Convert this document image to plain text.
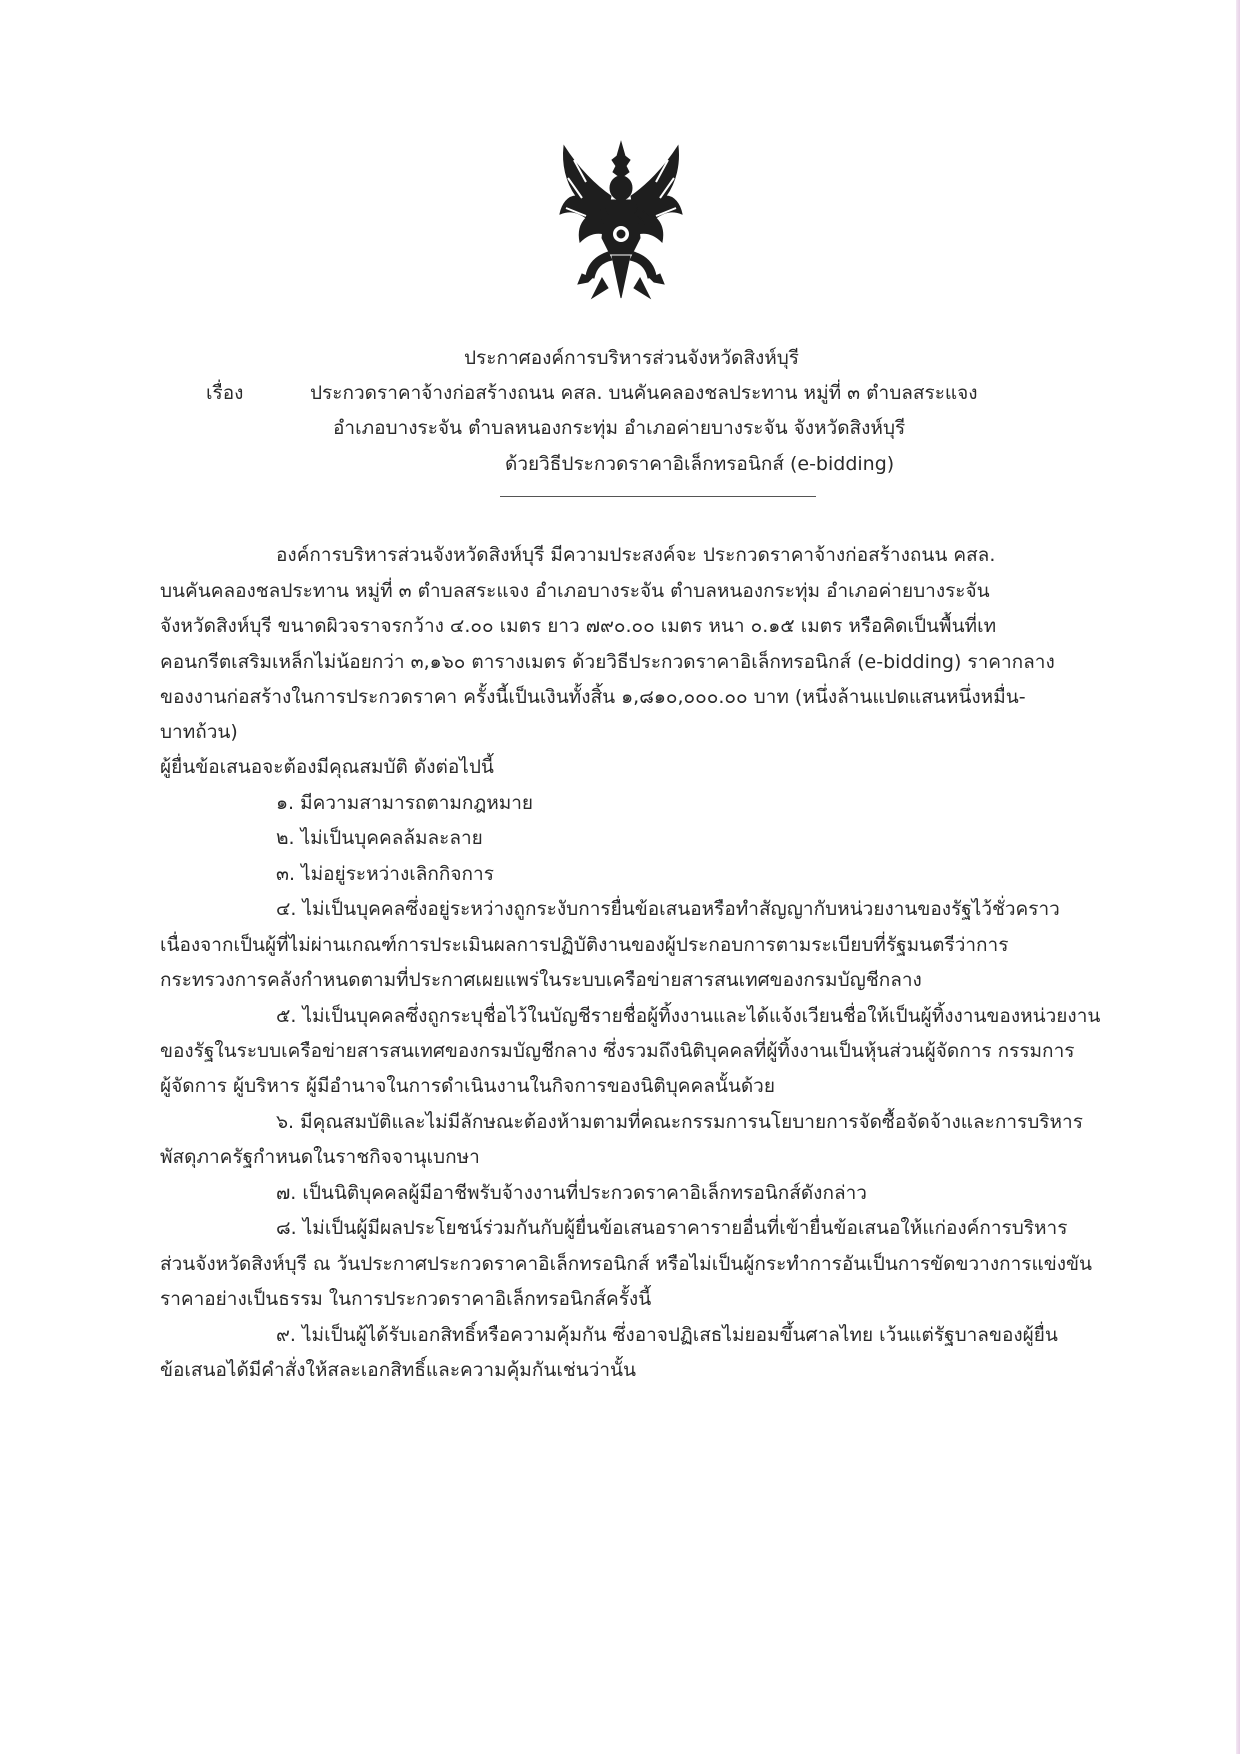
ประกาศองค์การบริหารส่วนจังหวัดสิงห์บุรี
เรื่อง	ประกวดราคาจ้างก่อสร้างถนน คสล. บนคันคลองชลประทาน หมู่ที่ ๓ ตำบลสระแจง
อำเภอบางระจัน ตำบลหนองกระทุ่ม อำเภอค่ายบางระจัน จังหวัดสิงห์บุรี
ด้วยวิธีประกวดราคาอิเล็กทรอนิกส์ (e-bidding)
องค์การบริหารส่วนจังหวัดสิงห์บุรี มีความประสงค์จะ ประกวดราคาจ้างก่อสร้างถนน คสล.
บนคันคลองชลประทาน หมู่ที่ ๓ ตำบลสระแจง อำเภอบางระจัน ตำบลหนองกระทุ่ม อำเภอค่ายบางระจัน
จังหวัดสิงห์บุรี ขนาดผิวจราจรกว้าง ๔.๐๐ เมตร ยาว ๗๙๐.๐๐ เมตร หนา ๐.๑๕ เมตร หรือคิดเป็นพื้นที่เท
คอนกรีตเสริมเหล็กไม่น้อยกว่า ๓,๑๖๐ ตารางเมตร ด้วยวิธีประกวดราคาอิเล็กทรอนิกส์ (e-bidding) ราคากลาง
ของงานก่อสร้างในการประกวดราคา ครั้งนี้เป็นเงินทั้งสิ้น ๑,๘๑๐,๐๐๐.๐๐ บาท (หนึ่งล้านแปดแสนหนึ่งหมื่น-
บาทถ้วน)
ผู้ยื่นข้อเสนอจะต้องมีคุณสมบัติ ดังต่อไปนี้
๑. มีความสามารถตามกฎหมาย
๒. ไม่เป็นบุคคลล้มละลาย
๓. ไม่อยู่ระหว่างเลิกกิจการ
๔. ไม่เป็นบุคคลซึ่งอยู่ระหว่างถูกระงับการยื่นข้อเสนอหรือทำสัญญากับหน่วยงานของรัฐไว้ชั่วคราว
เนื่องจากเป็นผู้ที่ไม่ผ่านเกณฑ์การประเมินผลการปฏิบัติงานของผู้ประกอบการตามระเบียบที่รัฐมนตรีว่าการ
กระทรวงการคลังกำหนดตามที่ประกาศเผยแพร่ในระบบเครือข่ายสารสนเทศของกรมบัญชีกลาง
๕. ไม่เป็นบุคคลซึ่งถูกระบุชื่อไว้ในบัญชีรายชื่อผู้ทิ้งงานและได้แจ้งเวียนชื่อให้เป็นผู้ทิ้งงานของหน่วยงาน
ของรัฐในระบบเครือข่ายสารสนเทศของกรมบัญชีกลาง ซึ่งรวมถึงนิติบุคคลที่ผู้ทิ้งงานเป็นหุ้นส่วนผู้จัดการ กรรมการ
ผู้จัดการ ผู้บริหาร ผู้มีอำนาจในการดำเนินงานในกิจการของนิติบุคคลนั้นด้วย
๖. มีคุณสมบัติและไม่มีลักษณะต้องห้ามตามที่คณะกรรมการนโยบายการจัดซื้อจัดจ้างและการบริหาร
พัสดุภาครัฐกำหนดในราชกิจจานุเบกษา
๗. เป็นนิติบุคคลผู้มีอาชีพรับจ้างงานที่ประกวดราคาอิเล็กทรอนิกส์ดังกล่าว
๘. ไม่เป็นผู้มีผลประโยชน์ร่วมกันกับผู้ยื่นข้อเสนอราคารายอื่นที่เข้ายื่นข้อเสนอให้แก่องค์การบริหาร
ส่วนจังหวัดสิงห์บุรี ณ วันประกาศประกวดราคาอิเล็กทรอนิกส์ หรือไม่เป็นผู้กระทำการอันเป็นการขัดขวางการแข่งขัน
ราคาอย่างเป็นธรรม ในการประกวดราคาอิเล็กทรอนิกส์ครั้งนี้
๙. ไม่เป็นผู้ได้รับเอกสิทธิ์หรือความคุ้มกัน ซึ่งอาจปฏิเสธไม่ยอมขึ้นศาลไทย เว้นแต่รัฐบาลของผู้ยื่น
ข้อเสนอได้มีคำสั่งให้สละเอกสิทธิ์และความคุ้มกันเช่นว่านั้น
